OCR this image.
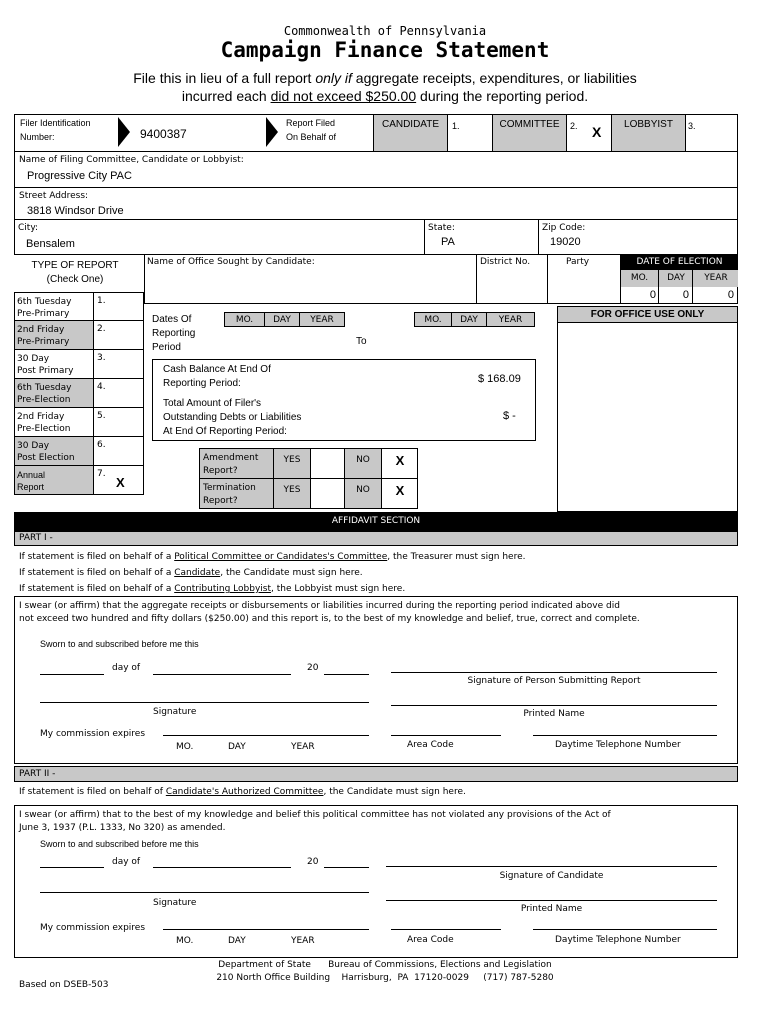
Commonwealth of Pennsylvania
Campaign Finance Statement
File this in lieu of a full report only if aggregate receipts, expenditures, or liabilities
incurred each did not exceed $250.00 during the reporting period.
Filer Identification
Number:	9400387
Report Filed
On Behalf of
CANDIDATE	1.	COMMITTEE	2. X	LOBBYIST	3.
Name of Filing Committee, Candidate or Lobbyist:
Progressive City PAC
Street Address:
3818 Windsor Drive
City:
Bensalem
State:
PA
Zip Code:
19020
Name of Office Sought by Candidate:	District No.	Party	DATE OF ELECTION
MO.	DAY	YEAR
0	0	0
TYPE OF REPORT
(Check One)
6th Tuesday
Pre-Primary
1.
2nd Friday
Pre-Primary
2.
30 Day
Post Primary
3.
6th Tuesday
Pre-Election
4.
2nd Friday
Pre-Election
5.
30 Day
Post Election
6.
Annual
Report
7.
X
Dates Of
Reporting
Period
MO.	DAY	YEAR
To
MO.	DAY	YEAR	FOR OFFICE USE ONLY
Cash Balance At End Of
Reporting Period:	$ 168.09
Total Amount of Filer's
Outstanding Debts or Liabilities
At End Of Reporting Period:
$ -
Amendment
Report?
YES	NO	X
Termination
Report?
YES	NO	X
AFFIDAVIT SECTION
PART I -
If statement is filed on behalf of a Political Committee or Candidates's Committee, the Treasurer must sign here.
If statement is filed on behalf of a Candidate, the Candidate must sign here.
If statement is filed on behalf of a Contributing Lobbyist, the Lobbyist must sign here.
I swear (or affirm) that the aggregate receipts or disbursements or liabilities incurred during the reporting period indicated above did
not exceed two hundred and fifty dollars ($250.00) and this report is, to the best of my knowledge and belief, true, correct and complete.
Sworn to and subscribed before me this
day of	20
Signature of Person Submitting Report
Signature	Printed Name
My commission expires
MO.	DAY	YEAR	Area Code	Daytime Telephone Number
PART II -
If statement is filed on behalf of Candidate's Authorized Committee, the Candidate must sign here.
I swear (or affirm) that to the best of my knowledge and belief this political committee has not violated any provisions of the Act of
June 3, 1937 (P.L. 1333, No 320) as amended.
Sworn to and subscribed before me this
day of	20
Signature of Candidate
Signature
Printed Name
My commission expires
MO.	DAY	YEAR	Area Code	Daytime Telephone Number
Department of State      Bureau of Commissions, Elections and Legislation
210 North Office Building    Harrisburg,  PA  17120-0029     (717) 787-5280
Based on DSEB-503
